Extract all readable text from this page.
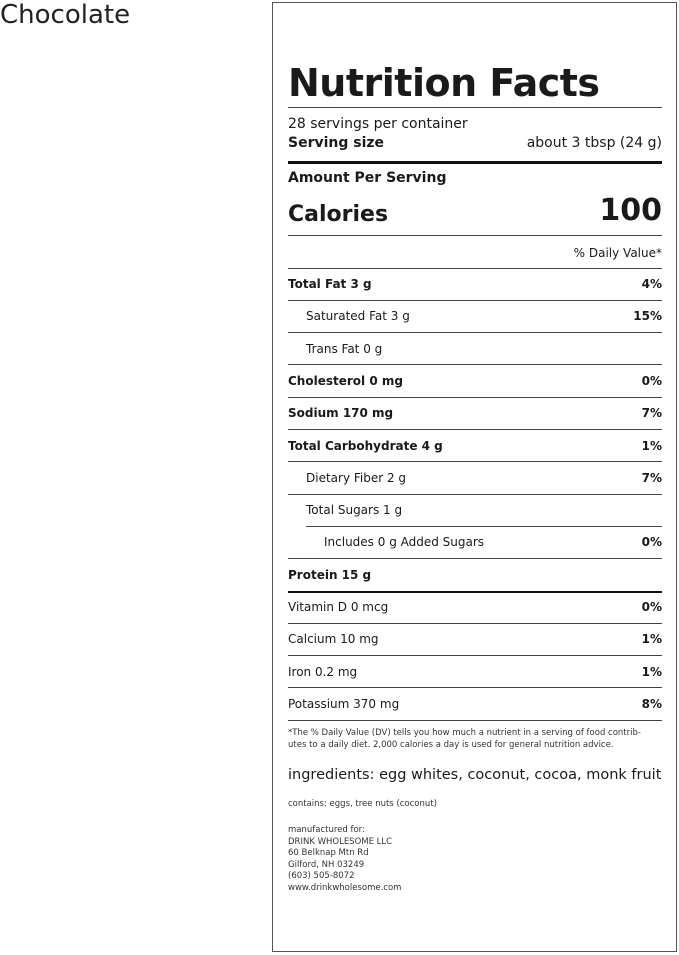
Chocolate
Nutrition Facts
28 servings per container
Serving size	about 3 tbsp (24 g)
Amount Per Serving
Calories	100
% Daily Value*
*The % Daily Value (DV) tells you how much a nutrient in a serving of food contrib-
utes to a daily diet. 2,000 calories a day is used for general nutrition advice.
ingredients: egg whites, coconut, cocoa, monk fruit
contains: eggs, tree nuts (coconut)
manufactured for:
DRINK WHOLESOME LLC
60 Belknap Mtn Rd
Gilford, NH 03249
(603) 505-8072
www.drinkwholesome.com
Total Fat 3 g	4%
Saturated Fat 3 g	15%
Trans Fat 0 g
Cholesterol 0 mg	0%
Sodium 170 mg	7%
Total Carbohydrate 4 g	1%
Dietary Fiber 2 g	7%
Total Sugars 1 g
Includes 0 g Added Sugars	0%
Protein 15 g
Vitamin D 0 mcg	0%
Calcium 10 mg	1%
Iron 0.2 mg	1%
Potassium 370 mg	8%
